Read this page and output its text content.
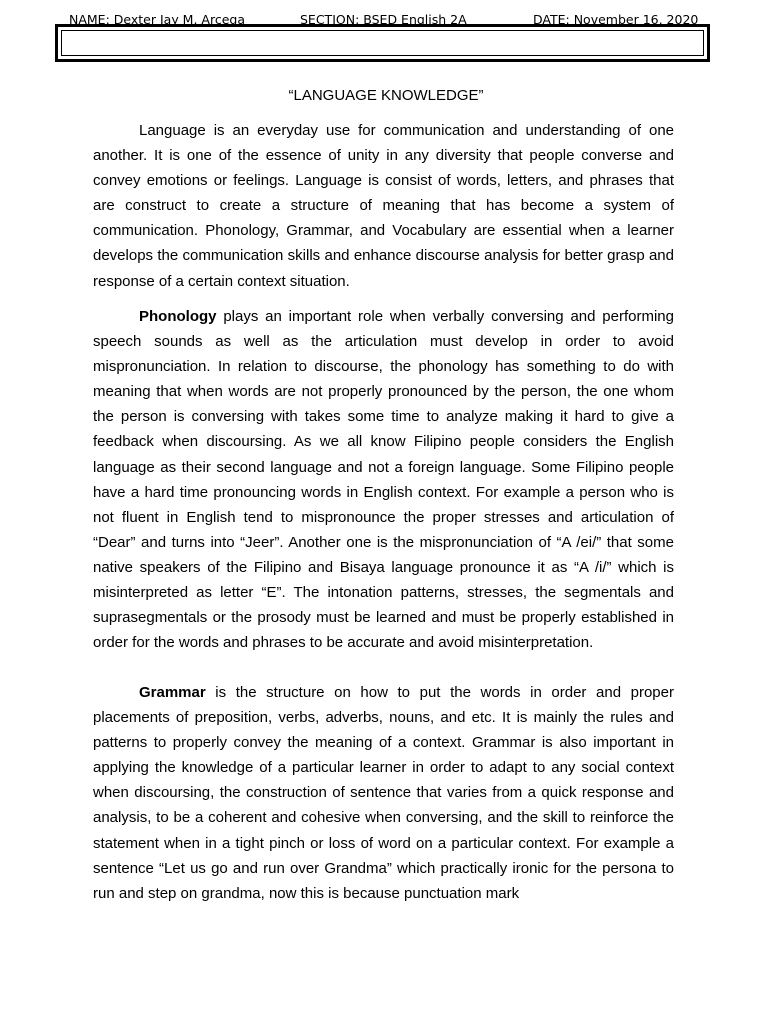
NAME: Dexter Jay M. Arcega	SECTION: BSED English 2A	DATE: November 16, 2020
“LANGUAGE KNOWLEDGE”

Language is an everyday use for communication and understanding of one another. It is one of the essence of unity in any diversity that people converse and convey emotions or feelings. Language is consist of words, letters, and phrases that are construct to create a structure of meaning that has become a system of communication. Phonology, Grammar, and Vocabulary are essential when a learner develops the communication skills and enhance discourse analysis for better grasp and response of a certain context situation.

Phonology plays an important role when verbally conversing and performing speech sounds as well as the articulation must develop in order to avoid mispronunciation. In relation to discourse, the phonology has something to do with meaning that when words are not properly pronounced by the person, the one whom the person is conversing with takes some time to analyze making it hard to give a feedback when discoursing. As we all know Filipino people considers the English language as their second language and not a foreign language. Some Filipino people have a hard time pronouncing words in English context. For example a person who is not fluent in English tend to mispronounce the proper stresses and articulation of “Dear” and turns into “Jeer”. Another one is the mispronunciation of “A /ei/” that some native speakers of the Filipino and Bisaya language pronounce it as “A /i/” which is misinterpreted as letter “E”. The intonation patterns, stresses, the segmentals and suprasegmentals or the prosody must be learned and must be properly established in order for the words and phrases to be accurate and avoid misinterpretation.

Grammar is the structure on how to put the words in order and proper placements of preposition, verbs, adverbs, nouns, and etc. It is mainly the rules and patterns to properly convey the meaning of a context. Grammar is also important in applying the knowledge of a particular learner in order to adapt to any social context when discoursing, the construction of sentence that varies from a quick response and analysis, to be a coherent and cohesive when conversing, and the skill to reinforce the statement when in a tight pinch or loss of word on a particular context. For example a sentence “Let us go and run over Grandma” which practically ironic for the persona to run and step on grandma, now this is because punctuation mark
